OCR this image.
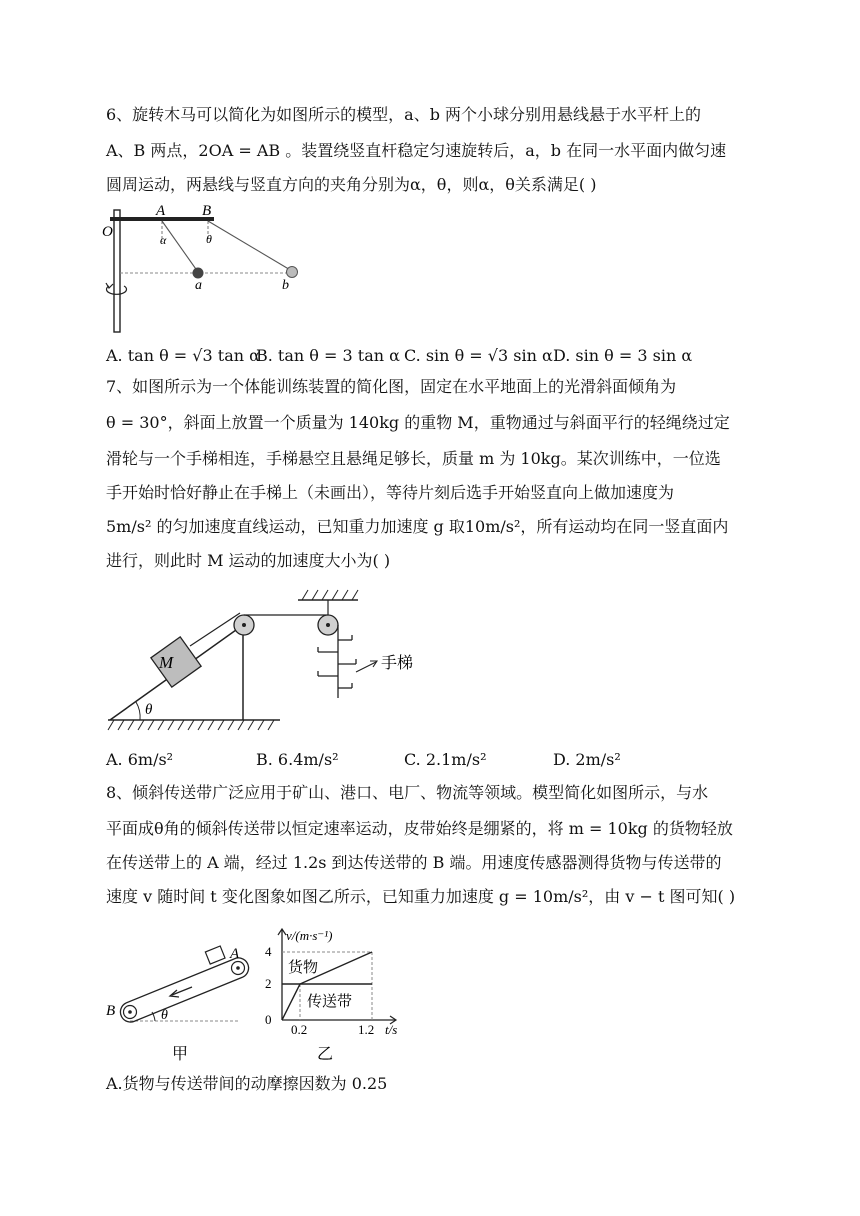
6、旋转木马可以简化为如图所示的模型，a、b 两个小球分别用悬线悬于水平杆上的
A、B 两点，2OA = AB 。装置绕竖直杆稳定匀速旋转后，a，b 在同一水平面内做匀速
圆周运动，两悬线与竖直方向的夹角分别为α，θ，则α，θ关系满足( )
O
A B
α	θ
a	b
A. tan θ = √3 tan α
B. tan θ = 3 tan α C. sin θ = √3 sin α D. sin θ = 3 sin α
7、如图所示为一个体能训练装置的简化图，固定在水平地面上的光滑斜面倾角为
θ = 30°，斜面上放置一个质量为 140kg 的重物 M，重物通过与斜面平行的轻绳绕过定
滑轮与一个手梯相连，手梯悬空且悬绳足够长，质量 m 为 10kg。某次训练中，一位选
手开始时恰好静止在手梯上（未画出），等待片刻后选手开始竖直向上做加速度为
5m/s² 的匀加速度直线运动，已知重力加速度 g 取10m/s²，所有运动均在同一竖直面内
进行，则此时 M 运动的加速度大小为( )
θ
M	手梯
A. 6m/s²	B. 6.4m/s²	C. 2.1m/s²	D. 2m/s²
8、倾斜传送带广泛应用于矿山、港口、电厂、物流等领域。模型简化如图所示，与水
平面成θ角的倾斜传送带以恒定速率运动，皮带始终是绷紧的，将 m = 10kg 的货物轻放
在传送带上的 A 端，经过 1.2s 到达传送带的 B 端。用速度传感器测得货物与传送带的
速度 v 随时间 t 变化图象如图乙所示，已知重力加速度 g = 10m/s²，由 v − t 图可知( )
θ
B
A
甲
v/(m·s⁻¹)
t/s
4
2
0
0.2	1.2
货物
传送带
乙
A.货物与传送带间的动摩擦因数为 0.25
